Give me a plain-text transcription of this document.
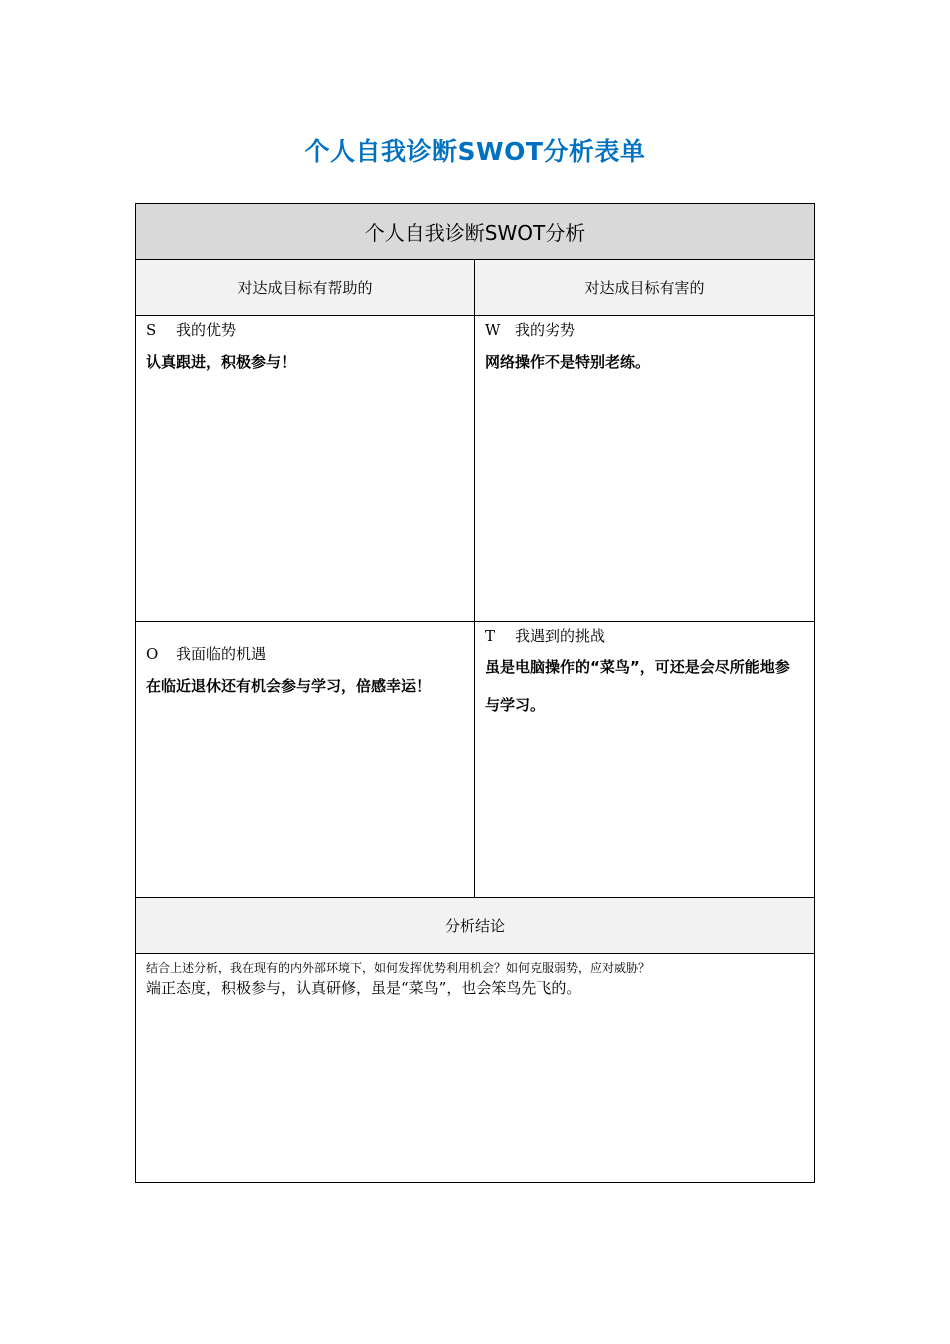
个人自我诊断SWOT分析表单
个人自我诊断SWOT分析
对达成目标有帮助的	对达成目标有害的
S 我的优势
认真跟进，积极参与！
W 我的劣势
网络操作不是特别老练。
O 我面临的机遇
在临近退休还有机会参与学习，倍感幸运！
T 我遇到的挑战
虽是电脑操作的“菜鸟”，可还是会尽所能地参与学习。
分析结论
结合上述分析，我在现有的内外部环境下，如何发挥优势利用机会？如何克服弱势，应对威胁？
端正态度，积极参与，认真研修，虽是“菜鸟”，也会笨鸟先飞的。
